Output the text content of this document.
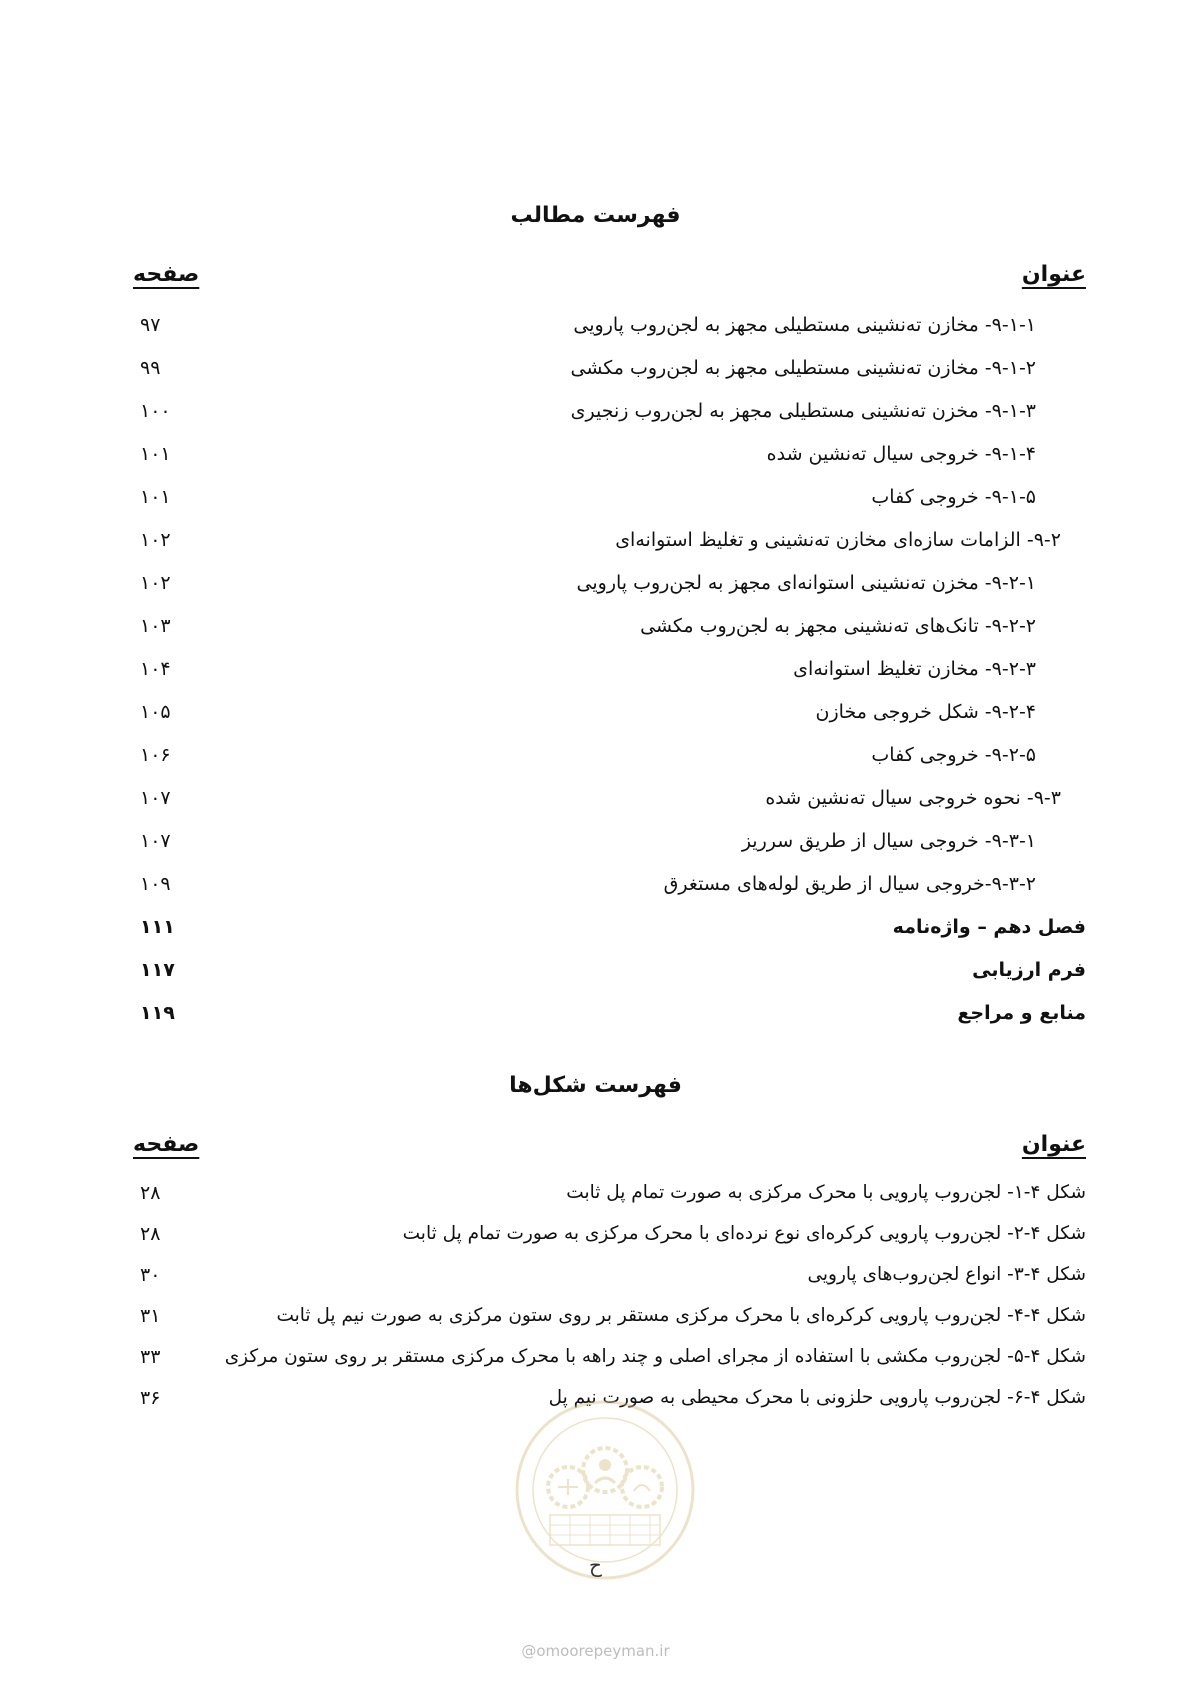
فهرست مطالب
عنوان
صفحه
۹-۱-۱- مخازن ته‌نشینی مستطیلی مجهز به لجن‌روب پارویی
۹۷
۹-۱-۲- مخازن ته‌نشینی مستطیلی مجهز به لجن‌روب مکشی
۹۹
۹-۱-۳- مخزن ته‌نشینی مستطیلی مجهز به لجن‌روب زنجیری
۱۰۰
۹-۱-۴- خروجی سیال ته‌نشین شده
۱۰۱
۹-۱-۵- خروجی کفاب
۱۰۱
۹-۲- الزامات سازه‌ای مخازن ته‌نشینی و تغلیظ استوانه‌ای
۱۰۲
۹-۲-۱- مخزن ته‌نشینی استوانه‌ای مجهز به لجن‌روب پارویی
۱۰۲
۹-۲-۲- تانک‌های ته‌نشینی مجهز به لجن‌روب مکشی
۱۰۳
۹-۲-۳- مخازن تغلیظ استوانه‌ای
۱۰۴
۹-۲-۴- شکل خروجی مخازن
۱۰۵
۹-۲-۵- خروجی کفاب
۱۰۶
۹-۳- نحوه خروجی سیال ته‌نشین شده
۱۰۷
۹-۳-۱- خروجی سیال از طریق سرریز
۱۰۷
۹-۳-۲-خروجی سیال از طریق لوله‌های مستغرق
۱۰۹
فصل دهم – واژه‌نامه
۱۱۱
فرم ارزیابی
۱۱۷
منابع و مراجع
۱۱۹
فهرست شکل‌ها
عنوان
صفحه
شکل ۴-۱- لجن‌روب پارویی با محرک مرکزی به صورت تمام پل ثابت
۲۸
شکل ۴-۲- لجن‌روب پارویی کرکره‌ای نوع نرده‌ای با محرک مرکزی به صورت تمام پل ثابت
۲۸
شکل ۴-۳- انواع لجن‌روب‌های پارویی
۳۰
شکل ۴-۴- لجن‌روب پارویی کرکره‌ای با محرک مرکزی مستقر بر روی ستون مرکزی به صورت نیم پل ثابت
۳۱
شکل ۴-۵- لجن‌روب مکشی با استفاده از مجرای اصلی و چند راهه با محرک مرکزی مستقر بر روی ستون مرکزی
۳۳
شکل ۴-۶- لجن‌روب پارویی حلزونی با محرک محیطی به صورت نیم پل
۳۶
ح
@omoorepeyman.ir
